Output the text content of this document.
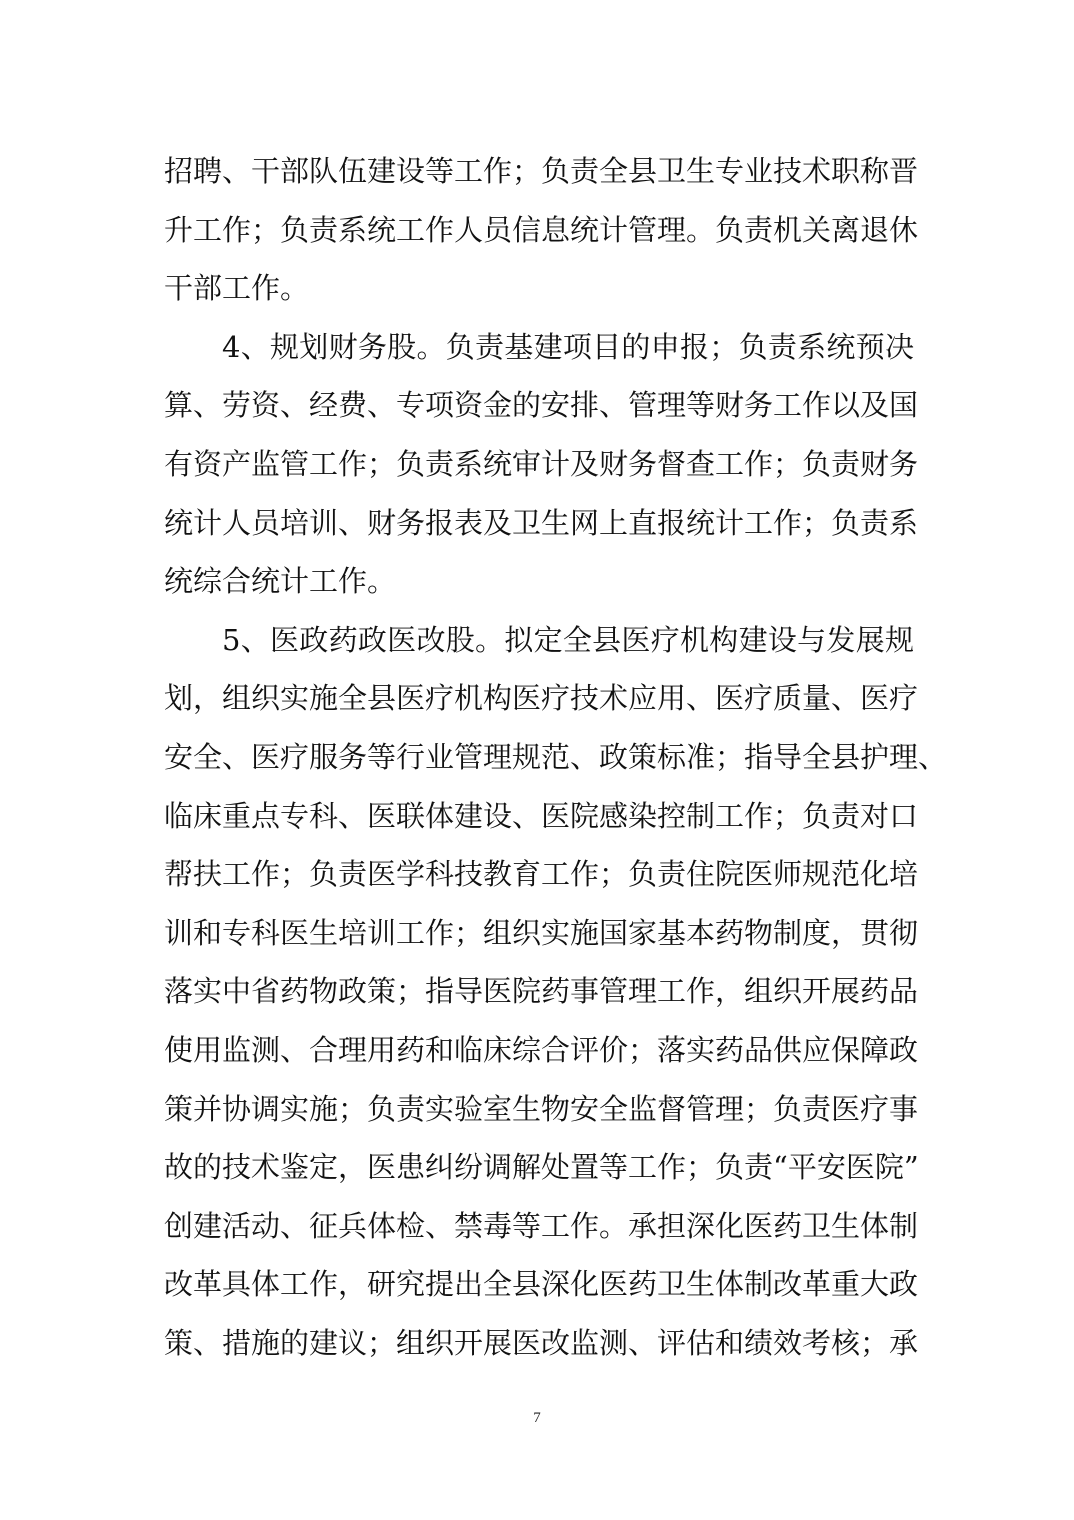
招聘、干部队伍建设等工作；负责全县卫生专业技术职称晋
升工作；负责系统工作人员信息统计管理。负责机关离退休
干部工作。
4、规划财务股。负责基建项目的申报；负责系统预决
算、劳资、经费、专项资金的安排、管理等财务工作以及国
有资产监管工作；负责系统审计及财务督查工作；负责财务
统计人员培训、财务报表及卫生网上直报统计工作；负责系
统综合统计工作。
5、医政药政医改股。拟定全县医疗机构建设与发展规
划，组织实施全县医疗机构医疗技术应用、医疗质量、医疗
安全、医疗服务等行业管理规范、政策标准；指导全县护理、
临床重点专科、医联体建设、医院感染控制工作；负责对口
帮扶工作；负责医学科技教育工作；负责住院医师规范化培
训和专科医生培训工作；组织实施国家基本药物制度，贯彻
落实中省药物政策；指导医院药事管理工作，组织开展药品
使用监测、合理用药和临床综合评价；落实药品供应保障政
策并协调实施；负责实验室生物安全监督管理；负责医疗事
故的技术鉴定，医患纠纷调解处置等工作；负责“平安医院”
创建活动、征兵体检、禁毒等工作。承担深化医药卫生体制
改革具体工作，研究提出全县深化医药卫生体制改革重大政
策、措施的建议；组织开展医改监测、评估和绩效考核；承
7
